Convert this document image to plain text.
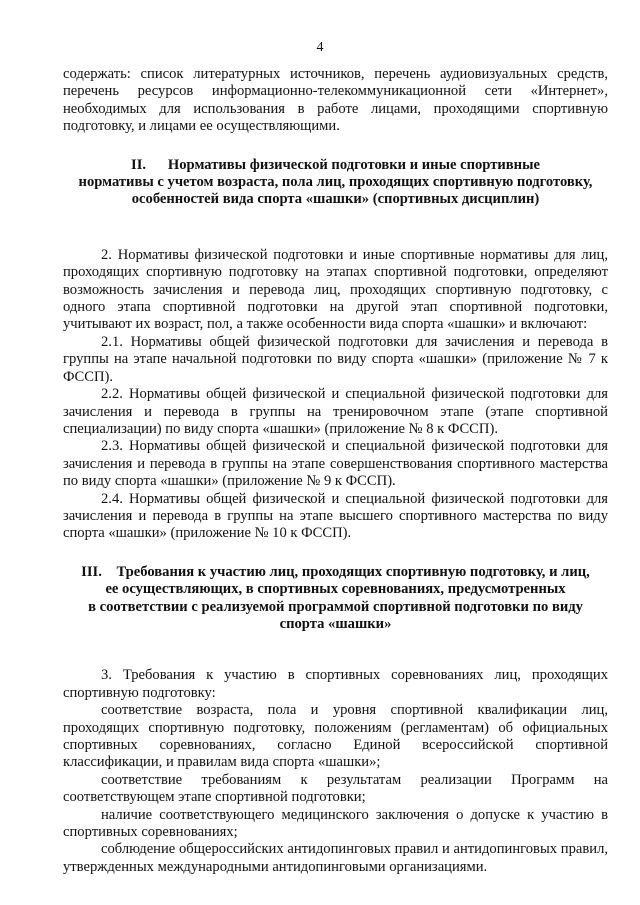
4

содержать: список литературных источников, перечень аудиовизуальных средств, перечень ресурсов информационно-телекоммуникационной сети «Интернет», необходимых для использования в работе лицами, проходящими спортивную подготовку, и лицами ее осуществляющими.

II.      Нормативы физической подготовки и иные спортивные
нормативы с учетом возраста, пола лиц, проходящих спортивную подготовку,
особенностей вида спорта «шашки» (спортивных дисциплин)

2. Нормативы физической подготовки и иные спортивные нормативы для лиц, проходящих спортивную подготовку на этапах спортивной подготовки, определяют возможность зачисления и перевода лиц, проходящих спортивную подготовку, с одного этапа спортивной подготовки на другой этап спортивной подготовки, учитывают их возраст, пол, а также особенности вида спорта «шашки» и включают:

2.1. Нормативы общей физической подготовки для зачисления и перевода в группы на этапе начальной подготовки по виду спорта «шашки» (приложение № 7 к ФССП).

2.2. Нормативы общей физической и специальной физической подготовки для зачисления и перевода в группы на тренировочном этапе (этапе спортивной специализации) по виду спорта «шашки» (приложение № 8 к ФССП).

2.3. Нормативы общей физической и специальной физической подготовки для зачисления и перевода в группы на этапе совершенствования спортивного мастерства по виду спорта «шашки» (приложение № 9 к ФССП).

2.4. Нормативы общей физической и специальной физической подготовки для зачисления и перевода в группы на этапе высшего спортивного мастерства по виду спорта «шашки» (приложение № 10 к ФССП).

III.    Требования к участию лиц, проходящих спортивную подготовку, и лиц,
ее осуществляющих, в спортивных соревнованиях, предусмотренных
в соответствии с реализуемой программой спортивной подготовки по виду
спорта «шашки»

3. Требования к участию в спортивных соревнованиях лиц, проходящих спортивную подготовку:

соответствие возраста, пола и уровня спортивной квалификации лиц, проходящих спортивную подготовку, положениям (регламентам) об официальных спортивных соревнованиях, согласно Единой всероссийской спортивной классификации, и правилам вида спорта «шашки»;

соответствие требованиям к результатам реализации Программ на соответствующем этапе спортивной подготовки;

наличие соответствующего медицинского заключения о допуске к участию в спортивных соревнованиях;

соблюдение общероссийских антидопинговых правил и антидопинговых правил, утвержденных международными антидопинговыми организациями.
